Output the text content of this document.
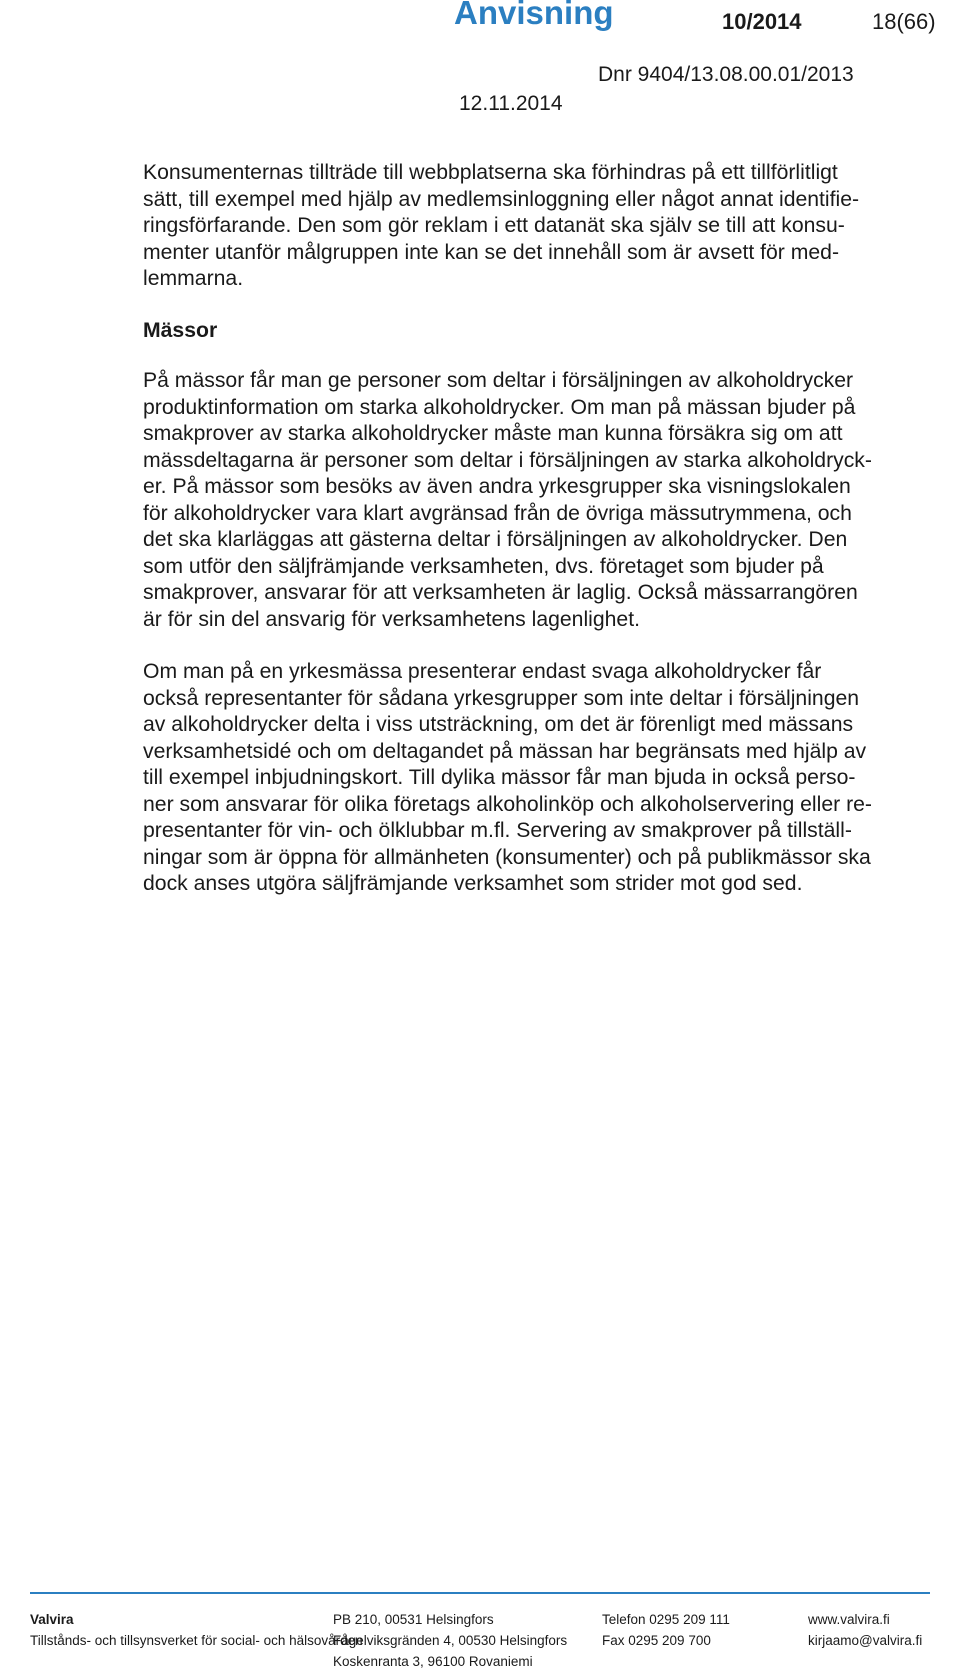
Anvisning	10/2014	18(66)
Dnr 9404/13.08.00.01/2013
12.11.2014

Konsumenternas tillträde till webbplatserna ska förhindras på ett tillförlitligt
sätt, till exempel med hjälp av medlemsinloggning eller något annat identifie-
ringsförfarande. Den som gör reklam i ett datanät ska själv se till att konsu-
menter utanför målgruppen inte kan se det innehåll som är avsett för med-
lemmarna.

Mässor

På mässor får man ge personer som deltar i försäljningen av alkoholdrycker
produktinformation om starka alkoholdrycker. Om man på mässan bjuder på
smakprover av starka alkoholdrycker måste man kunna försäkra sig om att
mässdeltagarna är personer som deltar i försäljningen av starka alkoholdryck-
er. På mässor som besöks av även andra yrkesgrupper ska visningslokalen
för alkoholdrycker vara klart avgränsad från de övriga mässutrymmena, och
det ska klarläggas att gästerna deltar i försäljningen av alkoholdrycker. Den
som utför den säljfrämjande verksamheten, dvs. företaget som bjuder på
smakprover, ansvarar för att verksamheten är laglig. Också mässarrangören
är för sin del ansvarig för verksamhetens lagenlighet.

Om man på en yrkesmässa presenterar endast svaga alkoholdrycker får
också representanter för sådana yrkesgrupper som inte deltar i försäljningen
av alkoholdrycker delta i viss utsträckning, om det är förenligt med mässans
verksamhetsidé och om deltagandet på mässan har begränsats med hjälp av
till exempel inbjudningskort. Till dylika mässor får man bjuda in också perso-
ner som ansvarar för olika företags alkoholinköp och alkoholservering eller re-
presentanter för vin- och ölklubbar m.fl. Servering av smakprover på tillställ-
ningar som är öppna för allmänheten (konsumenter) och på publikmässor ska
dock anses utgöra säljfrämjande verksamhet som strider mot god sed.

Valvira
Tillstånds- och tillsynsverket för social- och hälsovården
PB 210, 00531 Helsingfors
Fågelviksgränden 4, 00530 Helsingfors
Koskenranta 3, 96100 Rovaniemi
Telefon 0295 209 111
Fax 0295 209 700
www.valvira.fi
kirjaamo@valvira.fi
